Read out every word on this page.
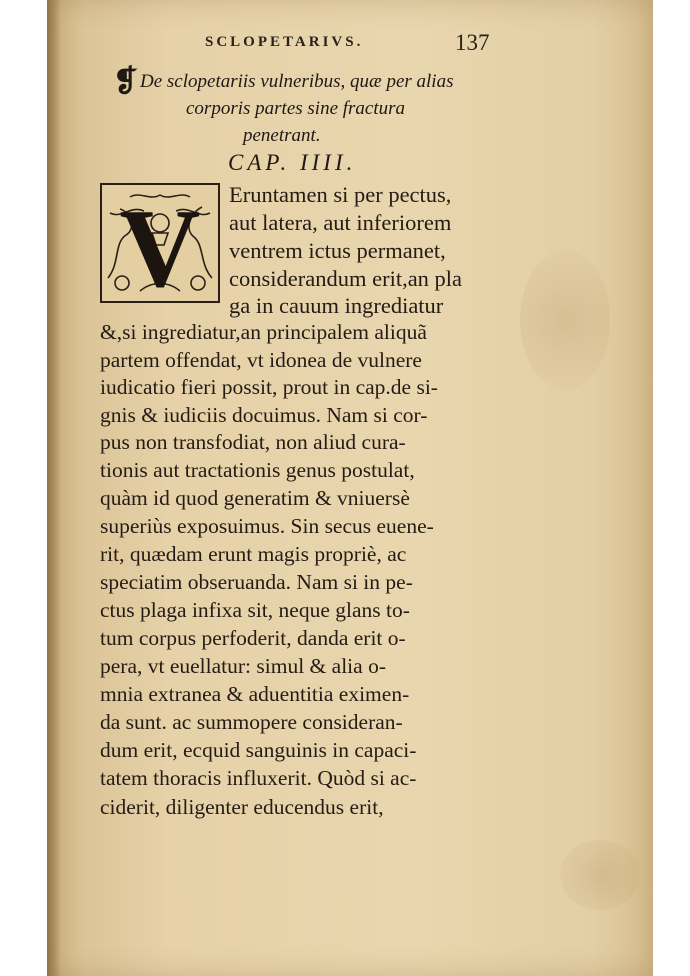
SCLOPETARIVS.	137
❡ De sclopetariis vulneribus, quæ per alias
corporis partes sine fractura
penetrant.
CAP. IIII.
V Eruntamen si per pectus,
aut latera, aut inferiorem
ventrem ictus permanet,
considerandum erit,an pla
ga in cauum ingrediatur
&,si ingrediatur,an principalem aliquã
partem offendat, vt idonea de vulnere
iudicatio fieri possit, prout in cap.de si-
gnis & iudiciis docuimus. Nam si cor-
pus non transfodiat, non aliud cura-
tionis aut tractationis genus postulat,
quàm id quod generatim & vniuersè
superiùs exposuimus. Sin secus euene-
rit, quædam erunt magis propriè, ac
speciatim obseruanda. Nam si in pe-
ctus plaga infixa sit, neque glans to-
tum corpus perfoderit, danda erit o-
pera, vt euellatur: simul & alia o-
mnia extranea & aduentitia eximen-
da sunt. ac summopere consideran-
dum erit, ecquid sanguinis in capaci-
tatem thoracis influxerit. Quòd si ac-
ciderit, diligenter educendus erit,
